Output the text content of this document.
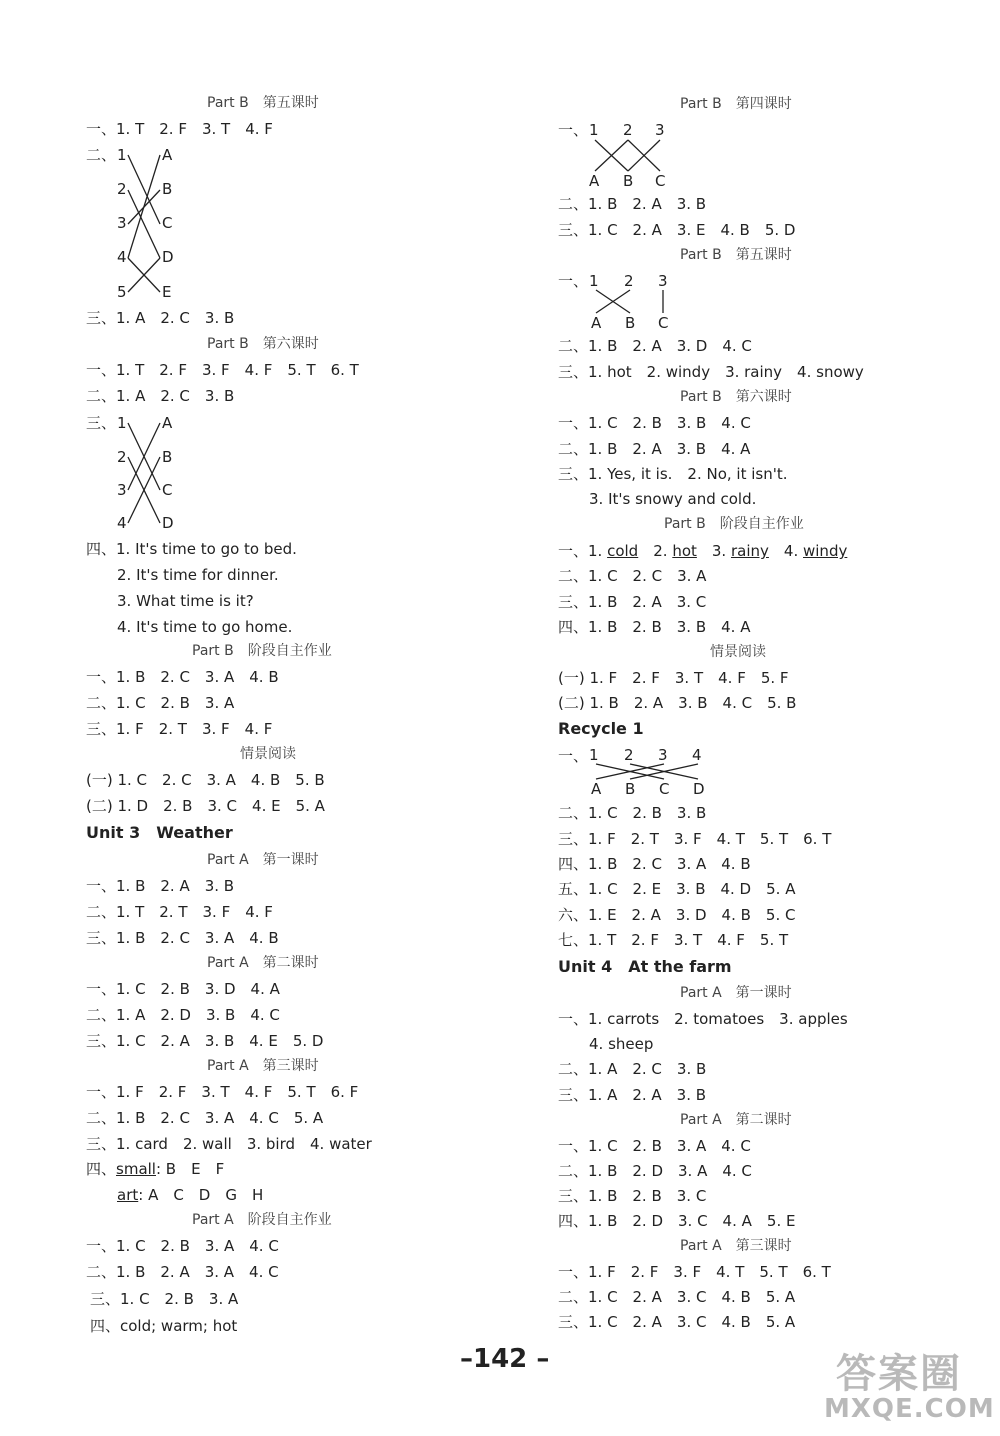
Part B　第五课时
一、1. T　2. F　3. T　4. F
二、 1
2
3
4
5
A
B
C
D
E
三、1. A　2. C　3. B
Part B　第六课时
一、1. T　2. F　3. F　4. F　5. T　6. T
二、1. A　2. C　3. B
三、 1
2
3
4
A
B
C
D
四、1. It's time to go to bed.
2. It's time for dinner.
3. What time is it?
4. It's time to go home.
Part B　阶段自主作业
一、1. B　2. C　3. A　4. B
二、1. C　2. B　3. A
三、1. F　2. T　3. F　4. F
情景阅读
(一) 1. C　2. C　3. A　4. B　5. B
(二) 1. D　2. B　3. C　4. E　5. A
Unit 3　Weather
Part A　第一课时
一、1. B　2. A　3. B
二、1. T　2. T　3. F　4. F
三、1. B　2. C　3. A　4. B
Part A　第二课时
一、1. C　2. B　3. D　4. A
二、1. A　2. D　3. B　4. C
三、1. C　2. A　3. B　4. E　5. D
Part A　第三课时
一、1. F　2. F　3. T　4. F　5. T　6. F
二、1. B　2. C　3. A　4. C　5. A
三、1. card　2. wall　3. bird　4. water
四、small: B　E　F
art: A　C　D　G　H
Part A　阶段自主作业
一、1. C　2. B　3. A　4. C
二、1. B　2. A　3. A　4. C
三、1. C　2. B　3. A
四、cold; warm; hot
Part B　第四课时
一、 1 2 3
A B C
二、1. B　2. A　3. B
三、1. C　2. A　3. E　4. B　5. D
Part B　第五课时
一、 1 2 3
A B C
二、1. B　2. A　3. D　4. C
三、1. hot　2. windy　3. rainy　4. snowy
Part B　第六课时
一、1. C　2. B　3. B　4. C
二、1. B　2. A　3. B　4. A
三、1. Yes, it is.　2. No, it isn't.
3. It's snowy and cold.
Part B　阶段自主作业
一、1. cold　2. hot　3. rainy　4. windy
二、1. C　2. C　3. A
三、1. B　2. A　3. C
四、1. B　2. B　3. B　4. A
情景阅读
(一) 1. F　2. F　3. T　4. F　5. F
(二) 1. B　2. A　3. B　4. C　5. B
Recycle 1
一、 1 2 3 4
A B C D
二、1. C　2. B　3. B
三、1. F　2. T　3. F　4. T　5. T　6. T
四、1. B　2. C　3. A　4. B
五、1. C　2. E　3. B　4. D　5. A
六、1. E　2. A　3. D　4. B　5. C
七、1. T　2. F　3. T　4. F　5. T
Unit 4　At the farm
Part A　第一课时
一、1. carrots　2. tomatoes　3. apples
4. sheep
二、1. A　2. C　3. B
三、1. A　2. A　3. B
Part A　第二课时
一、1. C　2. B　3. A　4. C
二、1. B　2. D　3. A　4. C
三、1. B　2. B　3. C
四、1. B　2. D　3. C　4. A　5. E
Part A　第三课时
一、1. F　2. F　3. F　4. T　5. T　6. T
二、1. C　2. A　3. C　4. B　5. A
三、1. C　2. A　3. C　4. B　5. A
–142 –	答案圈
MXQE.COM
